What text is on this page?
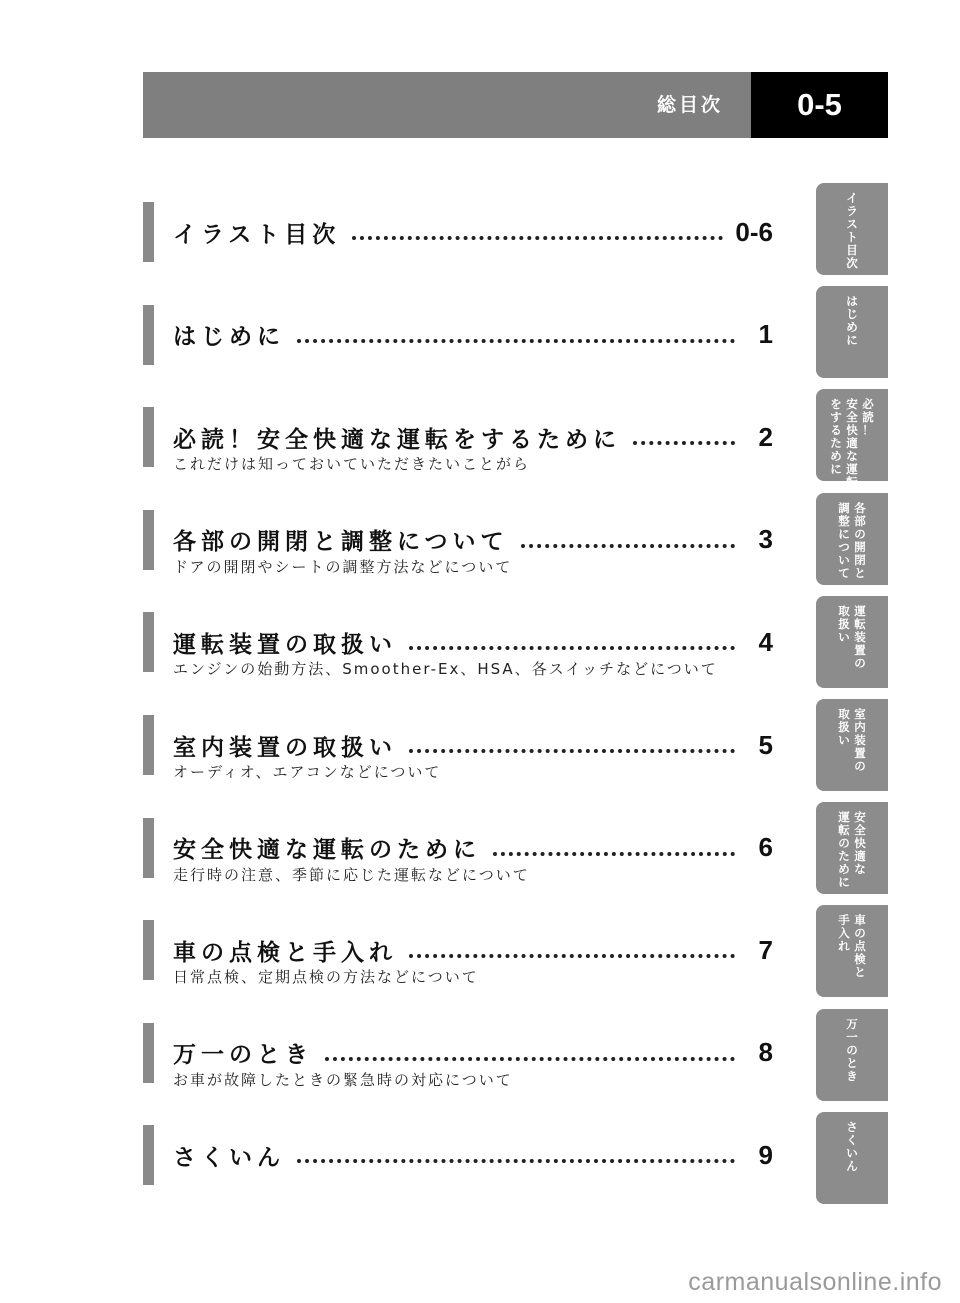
総目次	0-5
イラスト目次	0-6
はじめに	1
必読！安全快適な運転をするために	2
これだけは知っておいていただきたいことがら
各部の開閉と調整について	3
ドアの開閉やシートの調整方法などについて
運転装置の取扱い	4
エンジンの始動方法、Smoother-Ex、HSA、各スイッチなどについて
室内装置の取扱い	5
オーディオ、エアコンなどについて
安全快適な運転のために	6
走行時の注意、季節に応じた運転などについて
車の点検と手入れ	7
日常点検、定期点検の方法などについて
万一のとき	8
お車が故障したときの緊急時の対応について
さくいん	9
イ
ラ
ス
ト
目
次
は
じ
め
に
必
読
！
安
全
快
適
な
運
転
を
す
る
た
め
に
各
部
の
開
閉
と
調
整
に
つ
い
て
運
転
装
置
の
取
扱
い
室
内
装
置
の
取
扱
い
安
全
快
適
な
運
転
の
た
め
に
車
の
点
検
と
手
入
れ
万
一
の
と
き
さ
く
い
ん
carmanualsonline.info
